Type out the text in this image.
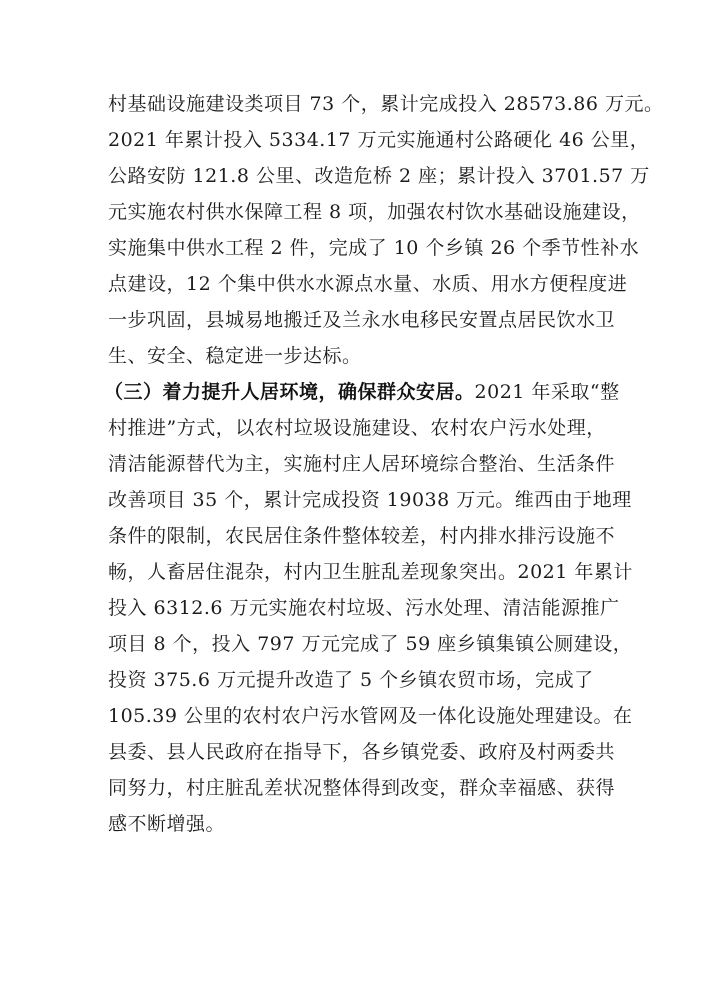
村基础设施建设类项目 73 个，累计完成投入 28573.86 万元。
2021 年累计投入 5334.17 万元实施通村公路硬化 46 公里，
公路安防 121.8 公里、改造危桥 2 座；累计投入 3701.57 万
元实施农村供水保障工程 8 项，加强农村饮水基础设施建设，
实施集中供水工程 2 件，完成了 10 个乡镇 26 个季节性补水
点建设，12 个集中供水水源点水量、水质、用水方便程度进
一步巩固，县城易地搬迁及兰永水电移民安置点居民饮水卫
生、安全、稳定进一步达标。
（三）着力提升人居环境，确保群众安居。2021 年采取“整
村推进”方式，以农村垃圾设施建设、农村农户污水处理，
清洁能源替代为主，实施村庄人居环境综合整治、生活条件
改善项目 35 个，累计完成投资 19038 万元。维西由于地理
条件的限制，农民居住条件整体较差，村内排水排污设施不
畅，人畜居住混杂，村内卫生脏乱差现象突出。2021 年累计
投入 6312.6 万元实施农村垃圾、污水处理、清洁能源推广
项目 8 个，投入 797 万元完成了 59 座乡镇集镇公厕建设，
投资 375.6 万元提升改造了 5 个乡镇农贸市场，完成了
105.39 公里的农村农户污水管网及一体化设施处理建设。在
县委、县人民政府在指导下，各乡镇党委、政府及村两委共
同努力，村庄脏乱差状况整体得到改变，群众幸福感、获得
感不断增强。
